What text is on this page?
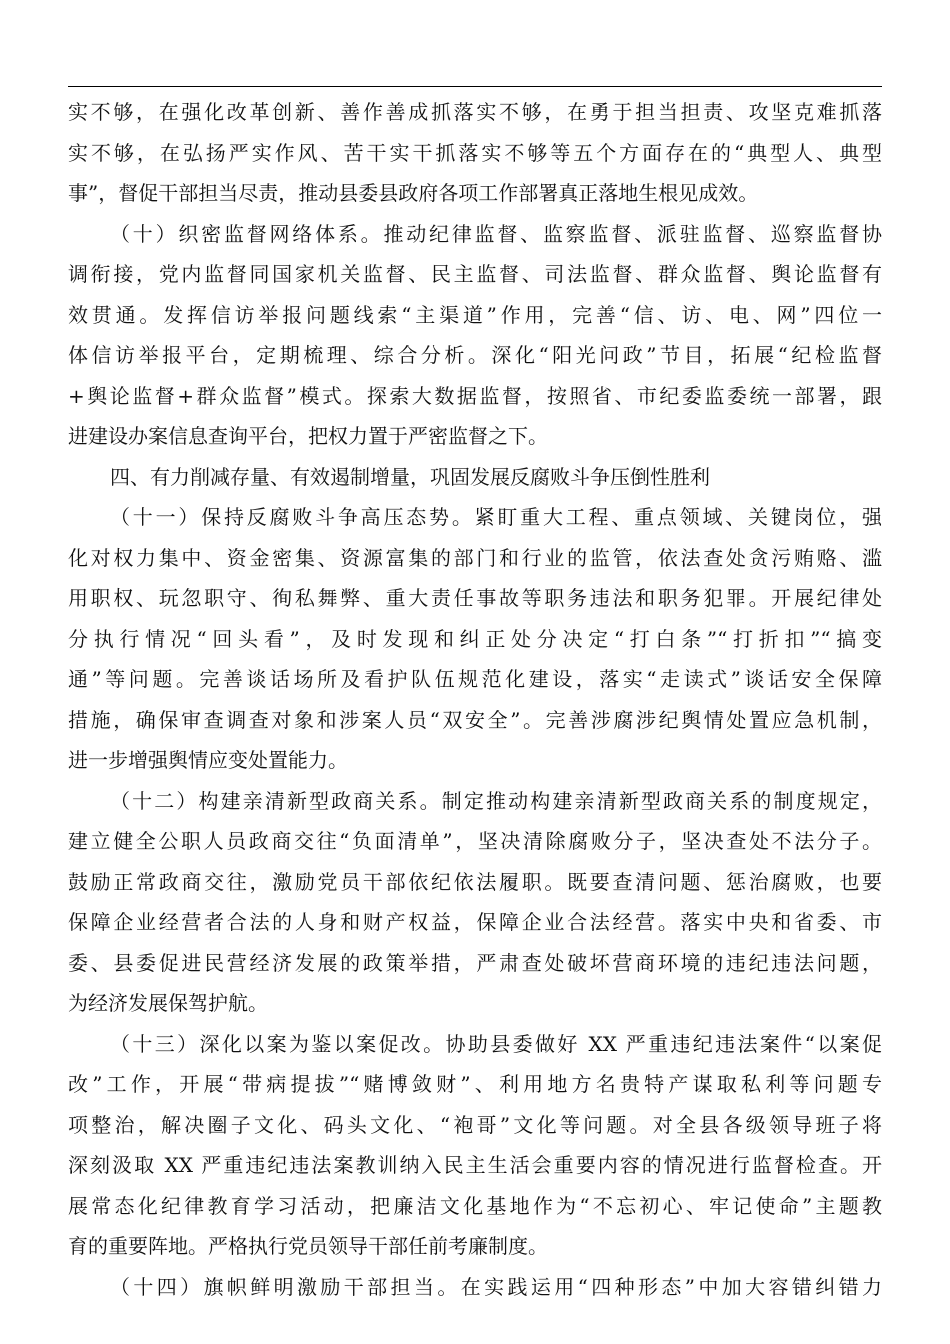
实不够，在强化改革创新、善作善成抓落实不够，在勇于担当担责、攻坚克难抓落
实不够，在弘扬严实作风、苦干实干抓落实不够等五个方面存在的“典型人、典型
事”，督促干部担当尽责，推动县委县政府各项工作部署真正落地生根见成效。
（十）织密监督网络体系。推动纪律监督、监察监督、派驻监督、巡察监督协
调衔接，党内监督同国家机关监督、民主监督、司法监督、群众监督、舆论监督有
效贯通。发挥信访举报问题线索“主渠道”作用，完善“信、访、电、网”四位一
体信访举报平台，定期梳理、综合分析。深化“阳光问政”节目，拓展“纪检监督
+舆论监督+群众监督”模式。探索大数据监督，按照省、市纪委监委统一部署，跟
进建设办案信息查询平台，把权力置于严密监督之下。
四、有力削减存量、有效遏制增量，巩固发展反腐败斗争压倒性胜利
（十一）保持反腐败斗争高压态势。紧盯重大工程、重点领域、关键岗位，强
化对权力集中、资金密集、资源富集的部门和行业的监管，依法查处贪污贿赂、滥
用职权、玩忽职守、徇私舞弊、重大责任事故等职务违法和职务犯罪。开展纪律处
分执行情况“回头看”，及时发现和纠正处分决定“打白条”“打折扣”“搞变
通”等问题。完善谈话场所及看护队伍规范化建设，落实“走读式”谈话安全保障
措施，确保审查调查对象和涉案人员“双安全”。完善涉腐涉纪舆情处置应急机制，
进一步增强舆情应变处置能力。
（十二）构建亲清新型政商关系。制定推动构建亲清新型政商关系的制度规定，
建立健全公职人员政商交往“负面清单”，坚决清除腐败分子，坚决查处不法分子。
鼓励正常政商交往，激励党员干部依纪依法履职。既要查清问题、惩治腐败，也要
保障企业经营者合法的人身和财产权益，保障企业合法经营。落实中央和省委、市
委、县委促进民营经济发展的政策举措，严肃查处破坏营商环境的违纪违法问题，
为经济发展保驾护航。
（十三）深化以案为鉴以案促改。协助县委做好 XX 严重违纪违法案件“以案促
改”工作，开展“带病提拔”“赌博敛财”、利用地方名贵特产谋取私利等问题专
项整治，解决圈子文化、码头文化、“袍哥”文化等问题。对全县各级领导班子将
深刻汲取 XX 严重违纪违法案教训纳入民主生活会重要内容的情况进行监督检查。开
展常态化纪律教育学习活动，把廉洁文化基地作为“不忘初心、牢记使命”主题教
育的重要阵地。严格执行党员领导干部任前考廉制度。
（十四）旗帜鲜明激励干部担当。在实践运用“四种形态”中加大容错纠错力
